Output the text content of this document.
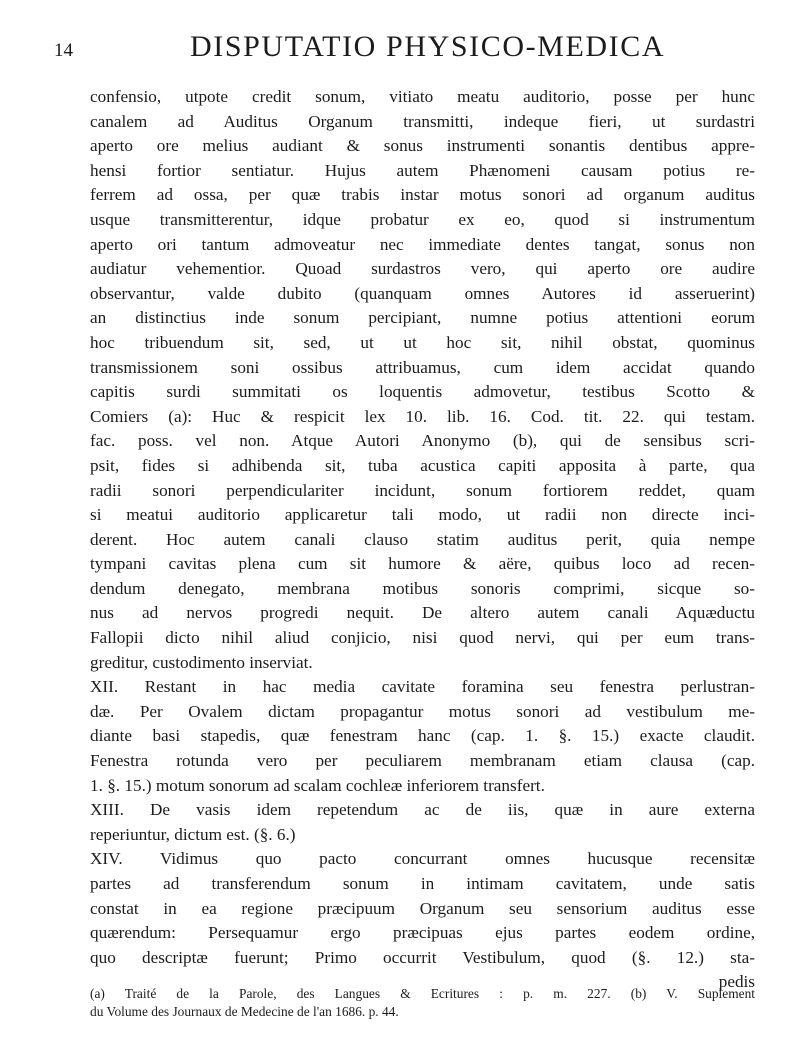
14	DISPUTATIO PHYSICO-MEDICA
confensio, utpote credit sonum, vitiato meatu auditorio, posse per hunc
canalem ad Auditus Organum transmitti, indeque fieri, ut surdastri
aperto ore melius audiant & sonus instrumenti sonantis dentibus appre-
hensi fortior sentiatur. Hujus autem Phænomeni causam potius re-
ferrem ad ossa, per quæ trabis instar motus sonori ad organum auditus
usque transmitterentur, idque probatur ex eo, quod si instrumentum
aperto ori tantum admoveatur nec immediate dentes tangat, sonus non
audiatur vehementior. Quoad surdastros vero, qui aperto ore audire
observantur, valde dubito (quanquam omnes Autores id asseruerint)
an distinctius inde sonum percipiant, numne potius attentioni eorum
hoc tribuendum sit, sed, ut ut hoc sit, nihil obstat, quominus
transmissionem soni ossibus attribuamus, cum idem accidat quando
capitis surdi summitati os loquentis admovetur, testibus Scotto &
Comiers (a): Huc & respicit lex 10. lib. 16. Cod. tit. 22. qui testam.
fac. poss. vel non. Atque Autori Anonymo (b), qui de sensibus scri-
psit, fides si adhibenda sit, tuba acustica capiti apposita à parte, qua
radii sonori perpendiculariter incidunt, sonum fortiorem reddet, quam
si meatui auditorio applicaretur tali modo, ut radii non directe inci-
derent. Hoc autem canali clauso statim auditus perit, quia nempe
tympani cavitas plena cum sit humore & aëre, quibus loco ad recen-
dendum denegato, membrana motibus sonoris comprimi, sicque so-
nus ad nervos progredi nequit. De altero autem canali Aquæductu
Fallopii dicto nihil aliud conjicio, nisi quod nervi, qui per eum trans-
greditur, custodimento inserviat.
XII. Restant in hac media cavitate foramina seu fenestra perlustran-
dæ. Per Ovalem dictam propagantur motus sonori ad vestibulum me-
diante basi stapedis, quæ fenestram hanc (cap. 1. §. 15.) exacte claudit.
Fenestra rotunda vero per peculiarem membranam etiam clausa (cap.
1. §. 15.) motum sonorum ad scalam cochleæ inferiorem transfert.
XIII. De vasis idem repetendum ac de iis, quæ in aure externa
reperiuntur, dictum est. (§. 6.)
XIV. Vidimus quo pacto concurrant omnes hucusque recensitæ
partes ad transferendum sonum in intimam cavitatem, unde satis
constat in ea regione præcipuum Organum seu sensorium auditus esse
quærendum: Persequamur ergo præcipuas ejus partes eodem ordine,
quo descriptæ fuerunt; Primo occurrit Vestibulum, quod (§. 12.) sta-
pedis
(a) Traité de la Parole, des Langues & Ecritures : p. m. 227. (b) V. Suplement
du Volume des Journaux de Medecine de l'an 1686. p. 44.
